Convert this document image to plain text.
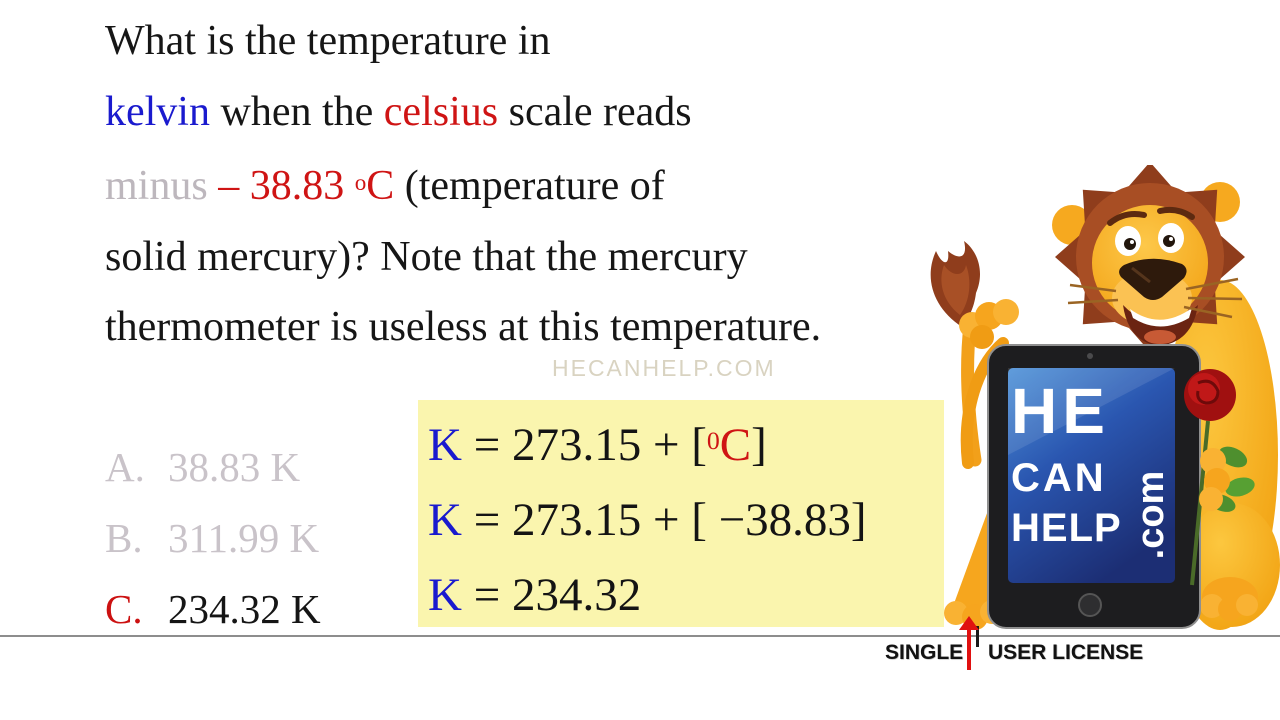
What is the temperature in
kelvin when the celsius scale reads
minus – 38.83 $^o$C (temperature of
solid mercury)? Note that the mercury
thermometer is useless at this temperature.
HECANHELP.COM
A. 38.83 K
B. 311.99 K
C. 234.32 K
K = 273.15 + [$^0$C]
K = 273.15 + [ −38.83]
K = 234.32
HE
CAN
HELP .com
SINGLE USER LICENSE
